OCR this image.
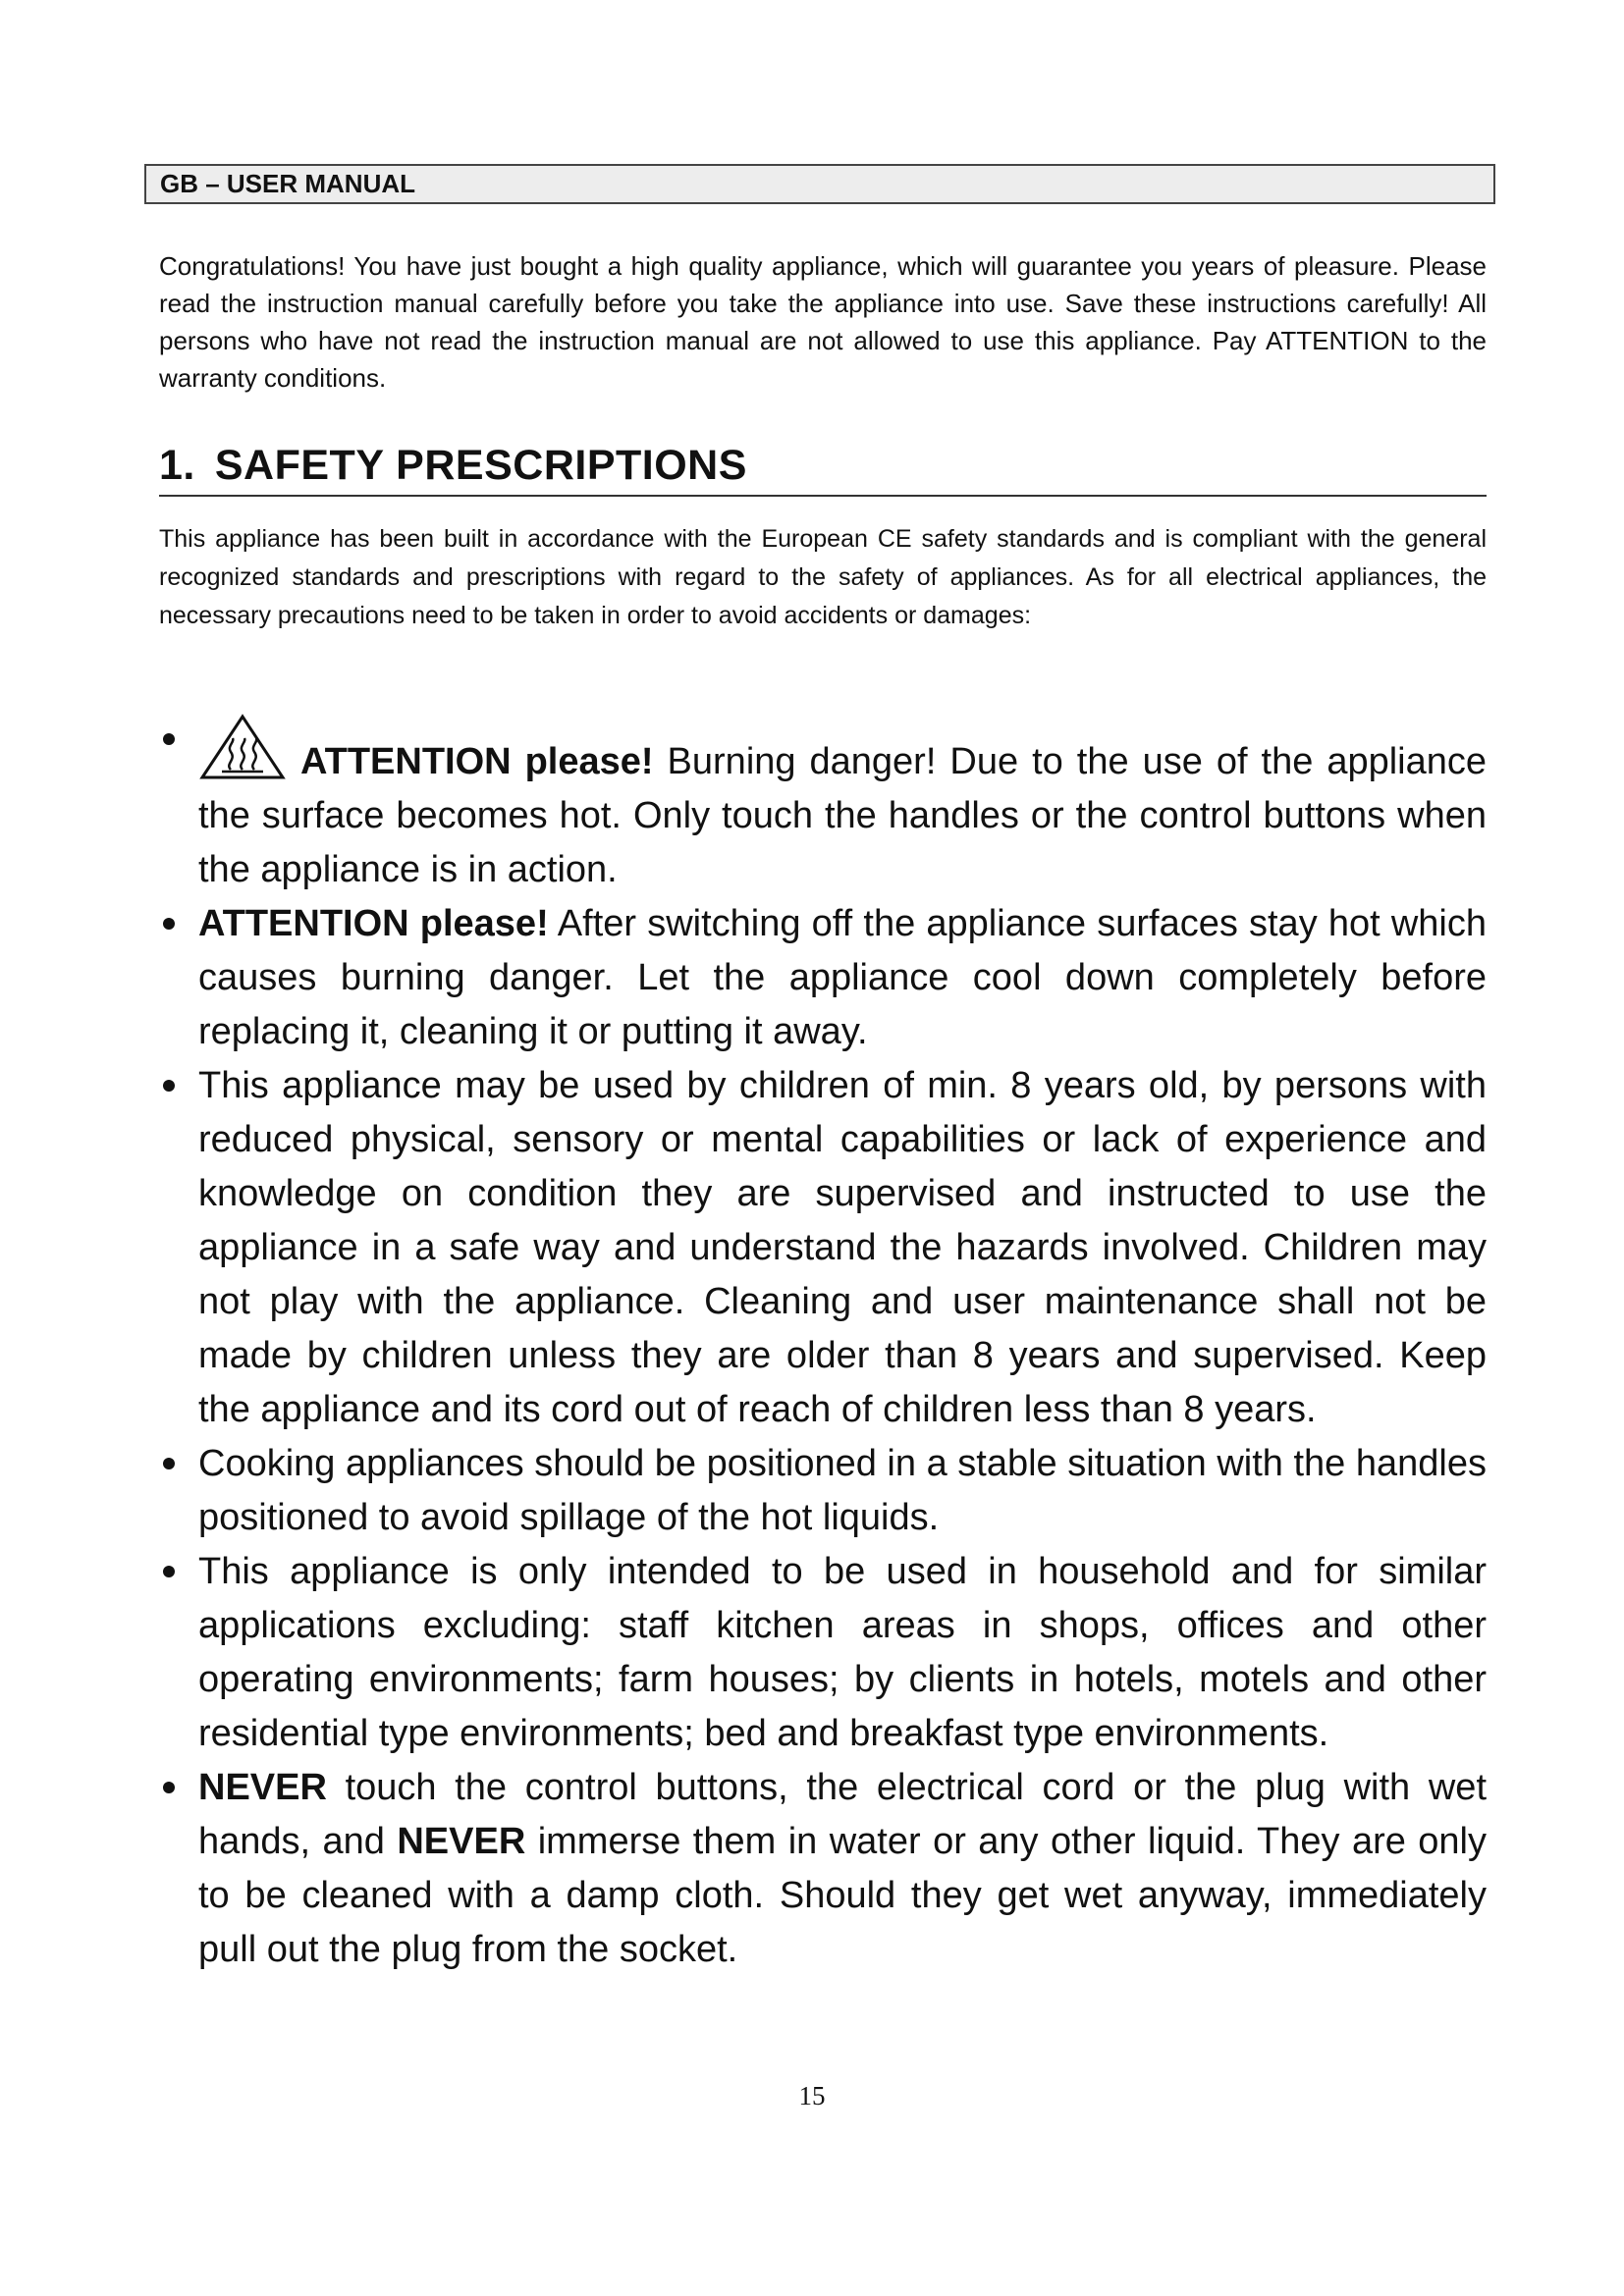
GB – USER MANUAL

Congratulations! You have just bought a high quality appliance, which will guarantee you years of pleasure. Please read the instruction manual carefully before you take the appliance into use. Save these instructions carefully! All persons who have not read the instruction manual are not allowed to use this appliance. Pay ATTENTION to the warranty conditions.

1. SAFETY PRESCRIPTIONS

This appliance has been built in accordance with the European CE safety standards and is compliant with the general recognized standards and prescriptions with regard to the safety of appliances. As for all electrical appliances, the necessary precautions need to be taken in order to avoid accidents or damages:

ATTENTION please! Burning danger! Due to the use of the appliance the surface becomes hot. Only touch the handles or the control buttons when the appliance is in action.
ATTENTION please! After switching off the appliance surfaces stay hot which causes burning danger. Let the appliance cool down completely before replacing it, cleaning it or putting it away.
This appliance may be used by children of min. 8 years old, by persons with reduced physical, sensory or mental capabilities or lack of experience and knowledge on condition they are supervised and instructed to use the appliance in a safe way and understand the hazards involved. Children may not play with the appliance. Cleaning and user maintenance shall not be made by children unless they are older than 8 years and supervised. Keep the appliance and its cord out of reach of children less than 8 years.
Cooking appliances should be positioned in a stable situation with the handles positioned to avoid spillage of the hot liquids.
This appliance is only intended to be used in household and for similar applications excluding: staff kitchen areas in shops, offices and other operating environments; farm houses; by clients in hotels, motels and other residential type environments; bed and breakfast type environments.
NEVER touch the control buttons, the electrical cord or the plug with wet hands, and NEVER immerse them in water or any other liquid. They are only to be cleaned with a damp cloth. Should they get wet anyway, immediately pull out the plug from the socket.
15
